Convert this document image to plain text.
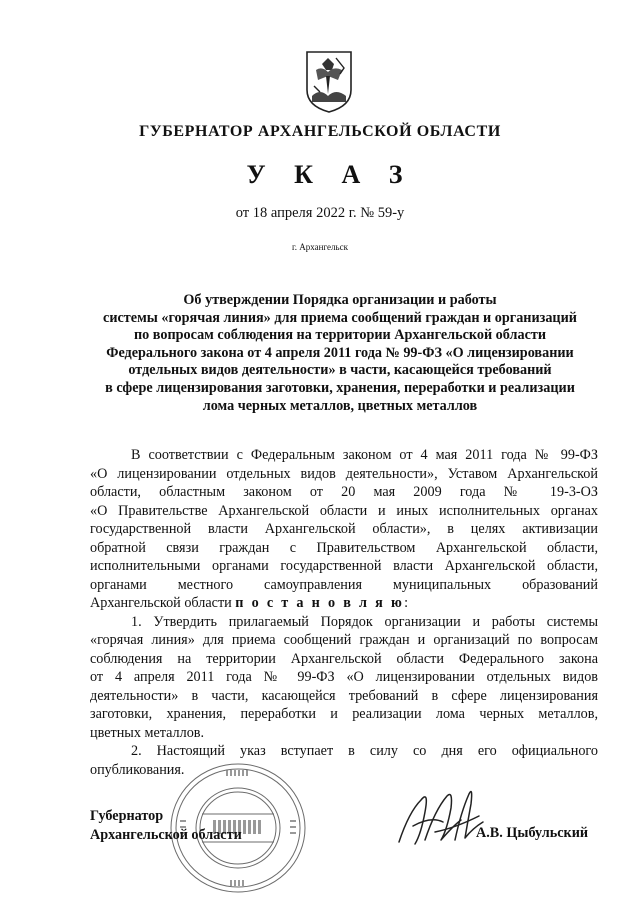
ГУБЕРНАТОР АРХАНГЕЛЬСКОЙ ОБЛАСТИ
У К А З
от 18 апреля 2022 г. № 59-у
г. Архангельск
Об утверждении Порядка организации и работы
системы «горячая линия» для приема сообщений граждан и организаций
по вопросам соблюдения на территории Архангельской области
Федерального закона от 4 апреля 2011 года № 99-ФЗ «О лицензировании
отдельных видов деятельности» в части, касающейся требований
в сфере лицензирования заготовки, хранения, переработки и реализации
лома черных металлов, цветных металлов
В соответствии с Федеральным законом от 4 мая 2011 года № 99-ФЗ
«О лицензировании отдельных видов деятельности», Уставом Архангельской
области, областным законом от 20 мая 2009 года № 19-3-ОЗ
«О Правительстве Архангельской области и иных исполнительных органах
государственной власти Архангельской области», в целях активизации
обратной связи граждан с Правительством Архангельской области,
исполнительными органами государственной власти Архангельской области,
органами местного самоуправления муниципальных образований
Архангельской области п о с т а н о в л я ю:
1. Утвердить прилагаемый Порядок организации и работы системы
«горячая линия» для приема сообщений граждан и организаций по вопросам
соблюдения на территории Архангельской области Федерального закона
от 4 апреля 2011 года № 99-ФЗ «О лицензировании отдельных видов
деятельности» в части, касающейся требований в сфере лицензирования
заготовки, хранения, переработки и реализации лома черных металлов,
цветных металлов.
2. Настоящий указ вступает в силу со дня его официального
опубликования.
Губернатор
Архангельской области	А.В. Цыбульский
